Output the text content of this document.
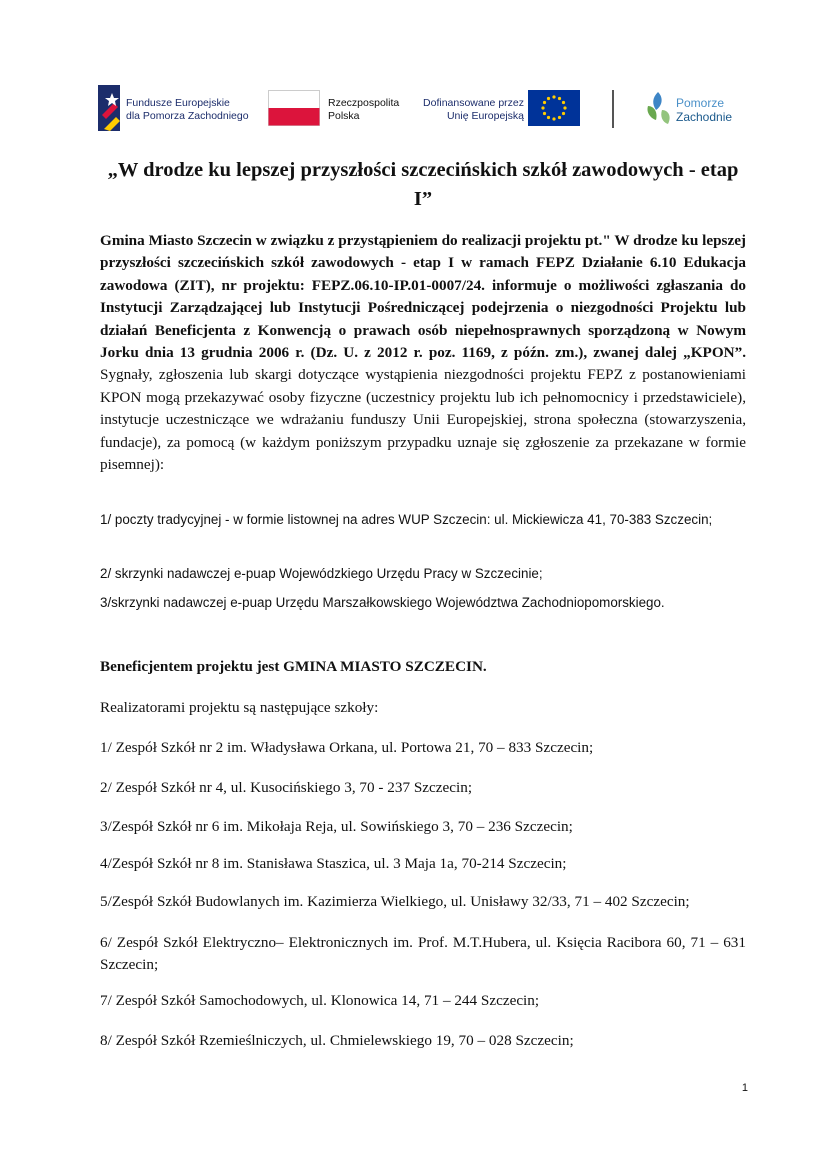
Fundusze Europejskie
dla Pomorza Zachodniego
Rzeczpospolita
Polska
Dofinansowane przez
Unię Europejską
Pomorze
Zachodnie
„W drodze ku lepszej przyszłości szczecińskich szkół zawodowych - etap I”

Gmina Miasto Szczecin w związku z przystąpieniem do realizacji projektu pt." W drodze ku lepszej przyszłości szczecińskich szkół zawodowych - etap I w ramach FEPZ Działanie 6.10 Edukacja zawodowa (ZIT), nr projektu: FEPZ.06.10-IP.01-0007/24. informuje o możliwości zgłaszania do Instytucji Zarządzającej lub Instytucji Pośredniczącej podejrzenia o niezgodności Projektu lub działań Beneficjenta z Konwencją o prawach osób niepełnosprawnych sporządzoną w Nowym Jorku dnia 13 grudnia 2006 r. (Dz. U. z 2012 r. poz. 1169, z późn. zm.), zwanej dalej „KPON”. Sygnały, zgłoszenia lub skargi dotyczące wystąpienia niezgodności projektu FEPZ z postanowieniami KPON mogą przekazywać osoby fizyczne (uczestnicy projektu lub ich pełnomocnicy i przedstawiciele), instytucje uczestniczące we wdrażaniu funduszy Unii Europejskiej, strona społeczna (stowarzyszenia, fundacje), za pomocą (w każdym poniższym przypadku uznaje się zgłoszenie za przekazane w formie pisemnej):

1/ poczty tradycyjnej - w formie listownej na adres WUP Szczecin: ul. Mickiewicza 41, 70-383 Szczecin;

2/ skrzynki nadawczej e-puap Wojewódzkiego Urzędu Pracy w Szczecinie;

3/skrzynki nadawczej e-puap Urzędu Marszałkowskiego Województwa Zachodniopomorskiego.

Beneficjentem projektu jest GMINA MIASTO SZCZECIN.

Realizatorami projektu są następujące szkoły:

1/ Zespół Szkół nr 2 im. Władysława Orkana, ul. Portowa 21, 70 – 833 Szczecin;

2/ Zespół Szkół nr 4, ul. Kusocińskiego 3, 70 - 237 Szczecin;

3/Zespół Szkół nr 6 im. Mikołaja Reja, ul. Sowińskiego 3, 70 – 236 Szczecin;

4/Zespół Szkół nr 8 im. Stanisława Staszica, ul. 3 Maja 1a, 70-214 Szczecin;

5/Zespół Szkół Budowlanych im. Kazimierza Wielkiego, ul. Unisławy 32/33, 71 – 402 Szczecin;

6/ Zespół Szkół Elektryczno– Elektronicznych im. Prof. M.T.Hubera, ul. Księcia Racibora 60, 71 – 631 Szczecin;

7/ Zespół Szkół Samochodowych, ul. Klonowica 14, 71 – 244 Szczecin;

8/ Zespół Szkół Rzemieślniczych, ul. Chmielewskiego 19, 70 – 028 Szczecin;

1
